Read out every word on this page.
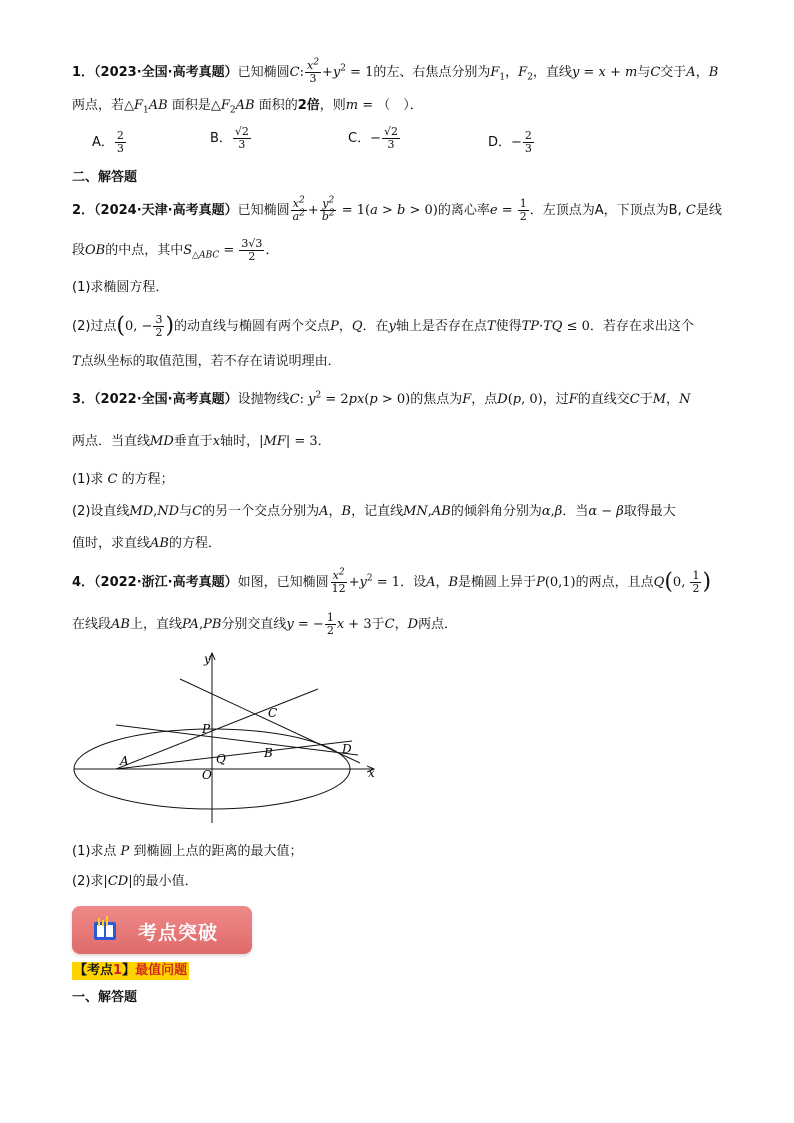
1．（2023·全国·高考真题）已知椭圆C: $\frac{x^2}{3} +y^2 = 1$的左、右焦点分别为$F_1$，$F_2$，直线y = x + m与C交于A，B
两点，若$\triangle F_1AB$ 面积是$\triangle F_2AB$ 面积的2倍，则m = （　）．
A． $\frac{2}{3}$	B． $\frac{√2}{3}$	C．− $\frac{√2}{3}$	D．− $\frac{2}{3}$
二、解答题
2．（2024·天津·高考真题）已知椭圆 $\frac{x^2}{a^2} + \frac{y^2}{b^2} = 1(a > b > 0)$的离心率$e = \frac{1}{2}$ ．左顶点为A，下顶点为B, C是线
段OB的中点，其中$S_{\triangle ABC} = \frac{3√3}{2}$ ．
(1)求椭圆方程．
(2)过点(0, − $\frac{3}{2}$ )的动直线与椭圆有两个交点P，Q．在y轴上是否存在点T使得TP·TQ ≤ 0．若存在求出这个
T点纵坐标的取值范围，若不存在请说明理由．
3．（2022·全国·高考真题）设抛物线C: $y^2 = 2px(p > 0)$的焦点为F，点D(p, 0)，过F的直线交C于M，N
两点．当直线MD垂直于x轴时，|MF| = 3．
(1)求 C 的方程；
(2)设直线MD,ND与C的另一个交点分别为A，B，记直线MN,AB的倾斜角分别为α,β．当α − β取得最大
值时，求直线AB的方程．
4．（2022·浙江·高考真题）如图，已知椭圆 $\frac{x^2}{12} +y^2 = 1$．设A，B是椭圆上异于P(0,1)的两点，且点Q(0, $\frac{1}{2}$ )
在线段AB上，直线PA,PB分别交直线y = − $\frac{1}{2}$ x + 3于C，D两点．
y
x
P
C
D
A	Q	B
O
(1)求点 P 到椭圆上点的距离的最大值；
(2)求|CD|的最小值．
考点突破
【考点1】最值问题
一、解答题
